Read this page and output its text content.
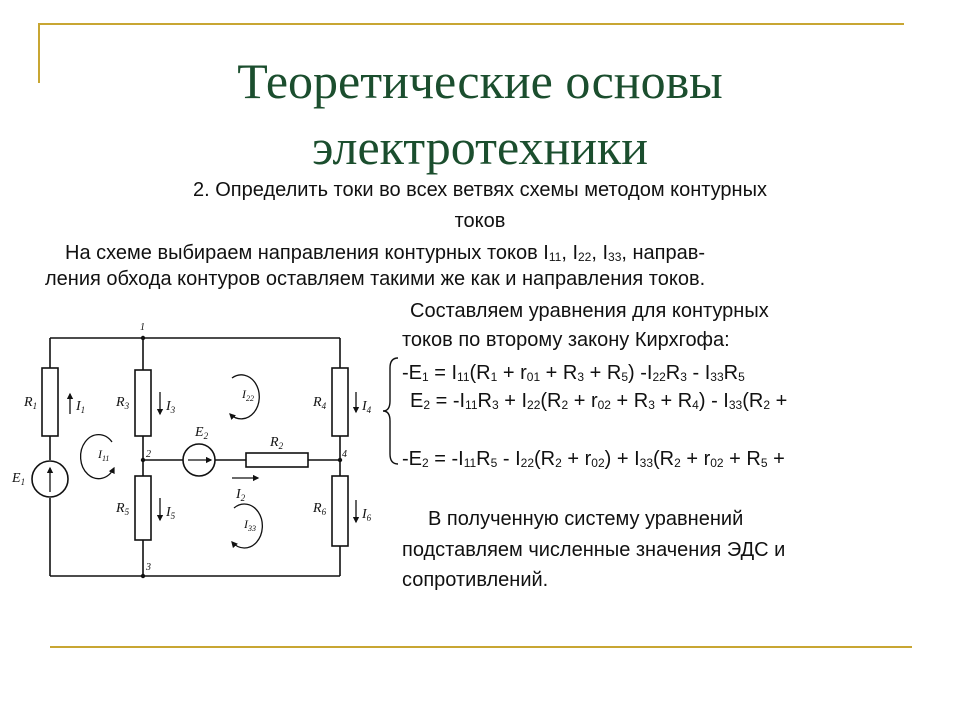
Теоретические основы
электротехники
2. Определить токи во всех ветвях схемы методом контурных
токов
На схеме выбираем направления контурных токов $I_{11}$, $I_{22}$, $I_{33}$, направ-
ления обхода контуров оставляем такими же как и направления токов.
Составляем уравнения для контурных
токов по второму закону Кирхгофа:
$-E_1 = I_{11}(R_1 + r_{01} + R_3 + R_5)$ $-I_{22}R_3 - I_{33}R_5$
$E_2 = -I_{11}R_3 + I_{22}(R_2 + r_{02} + R_3 + R_4) - I_{33}(R_2$ +
$-E_2 = -I_{11}R_5 - I_{22}(R_2 + r_{02}) + I_{33}(R_2 + r_{02} + R_5$ +
В полученную систему уравнений
подставляем численные значения ЭДС и
сопротивлений.
$R_1$	$R_3$
$R_5$
$R_4$
$R_6$
$R_2$
$E_1$
$E_2$
$I_1$	$I_3$	$I_4$
$I_5$	$I_6$
$I_2$
$I_{11}$
$I_{22}$
$I_{33}$
1
2
3
4
